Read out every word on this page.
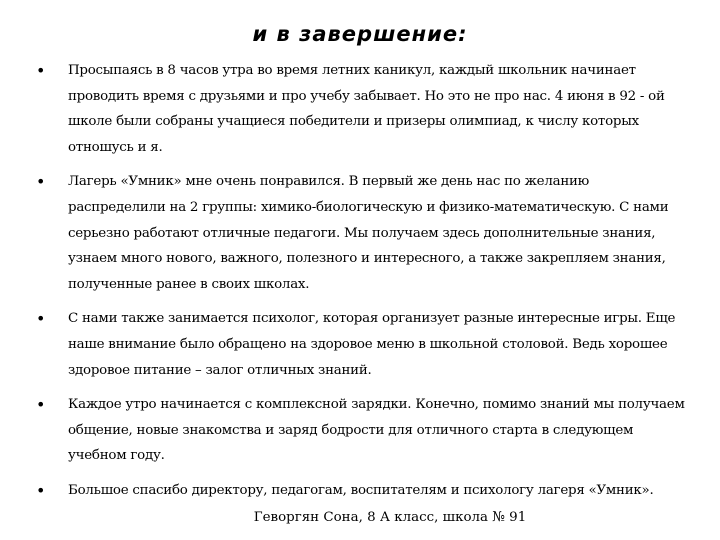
и в завершение:
• Просыпаясь в 8 часов утра во время летних каникул, каждый школьник начинает проводить время с друзьями и про учебу забывает. Но это не про нас. 4 июня в 92 - ой школе были собраны учащиеся победители и призеры олимпиад, к числу которых отношусь и я.
• Лагерь «Умник» мне очень понравился. В первый же день нас по желанию распределили на 2 группы: химико-биологическую и физико-математическую. С нами серьезно работают отличные педагоги. Мы получаем здесь дополнительные знания, узнаем много нового, важного, полезного и интересного, а также закрепляем знания, полученные ранее в своих школах.
• С нами также занимается психолог, которая организует разные интересные игры. Еще наше внимание было обращено на здоровое меню в школьной столовой. Ведь хорошее здоровое питание – залог отличных знаний.
• Каждое утро начинается с комплексной зарядки. Конечно, помимо знаний мы получаем общение, новые знакомства и заряд бодрости для отличного старта в следующем учебном году.
• Большое спасибо директору, педагогам, воспитателям и психологу лагеря «Умник».
Геворгян Сона, 8 А класс, школа № 91
